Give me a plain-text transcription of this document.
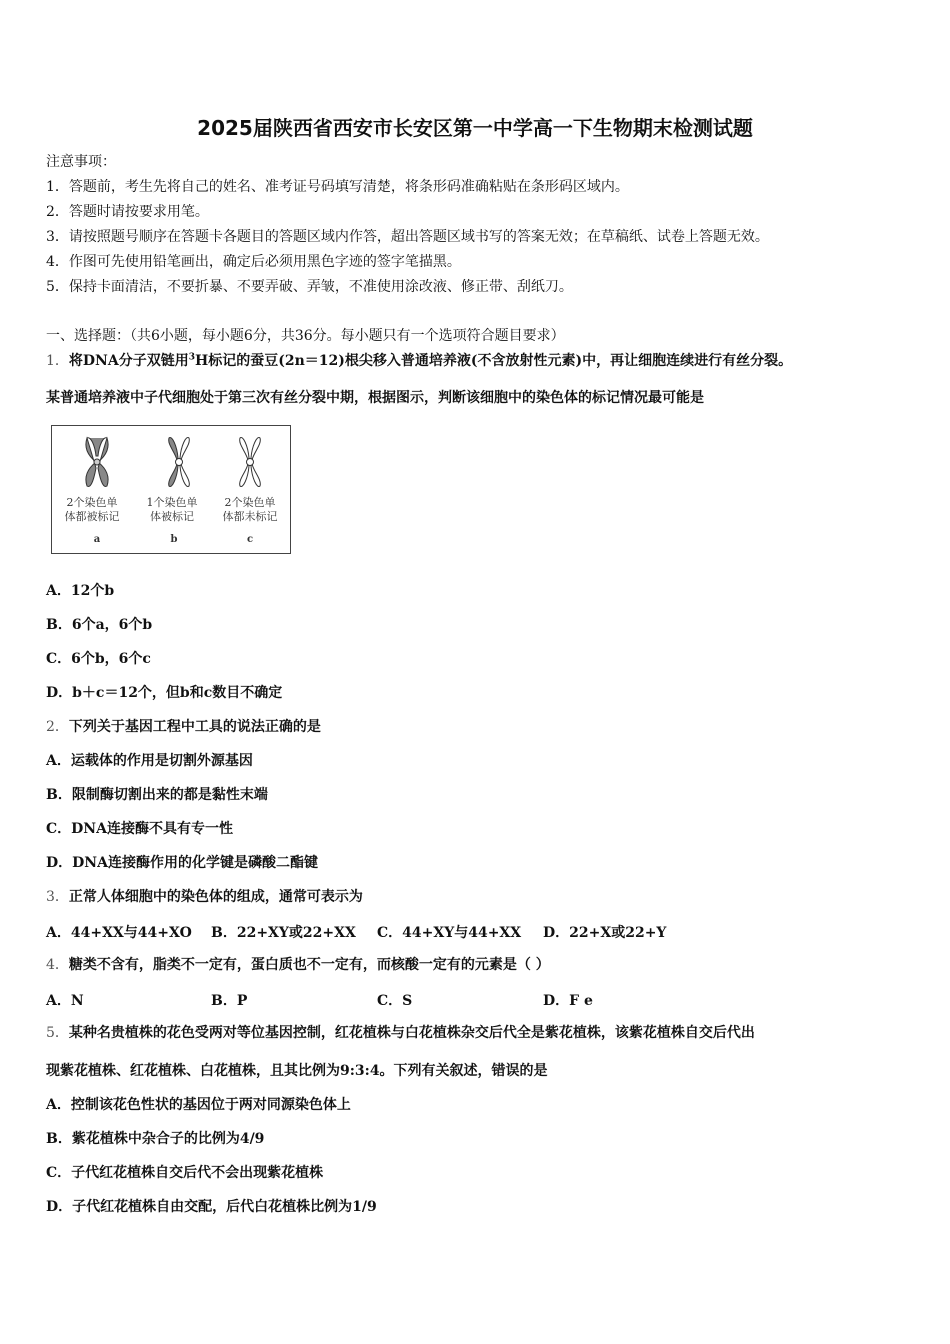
2025届陕西省西安市长安区第一中学高一下生物期末检测试题
注意事项：
1．答题前，考生先将自己的姓名、准考证号码填写清楚，将条形码准确粘贴在条形码区域内。
2．答题时请按要求用笔。
3．请按照题号顺序在答题卡各题目的答题区域内作答，超出答题区域书写的答案无效；在草稿纸、试卷上答题无效。
4．作图可先使用铅笔画出，确定后必须用黑色字迹的签字笔描黑。
5．保持卡面清洁，不要折暴、不要弄破、弄皱，不准使用涂改液、修正带、刮纸刀。
一、选择题：（共6小题，每小题6分，共36分。每小题只有一个选项符合题目要求）
1．将DNA分子双链用$^3$H标记的蚕豆(2n＝12)根尖移入普通培养液(不含放射性元素)中，再让细胞连续进行有丝分裂。
某普通培养液中子代细胞处于第三次有丝分裂中期，根据图示，判断该细胞中的染色体的标记情况最可能是
2个染色单
体都被标记
1个染色单
体被标记
2个染色单
体都未标记
a	b	c
A．12个b
B．6个a，6个b
C．6个b，6个c
D．b＋c＝12个，但b和c数目不确定
2．下列关于基因工程中工具的说法正确的是
A．运载体的作用是切割外源基因
B．限制酶切割出来的都是黏性末端
C．DNA连接酶不具有专一性
D．DNA连接酶作用的化学键是磷酸二酯键
3．正常人体细胞中的染色体的组成，通常可表示为
A．44+XX与44+XO B．22+XY或22+XX C．44+XY与44+XX D．22+X或22+Y
4．糖类不含有，脂类不一定有，蛋白质也不一定有，而核酸一定有的元素是（ ）
A．N	B．P	C．S	D．F e
5．某种名贵植株的花色受两对等位基因控制，红花植株与白花植株杂交后代全是紫花植株，该紫花植株自交后代出
现紫花植株、红花植株、白花植株，且其比例为9:3:4。下列有关叙述，错误的是
A．控制该花色性状的基因位于两对同源染色体上
B．紫花植株中杂合子的比例为4/9
C．子代红花植株自交后代不会出现紫花植株
D．子代红花植株自由交配，后代白花植株比例为1/9
